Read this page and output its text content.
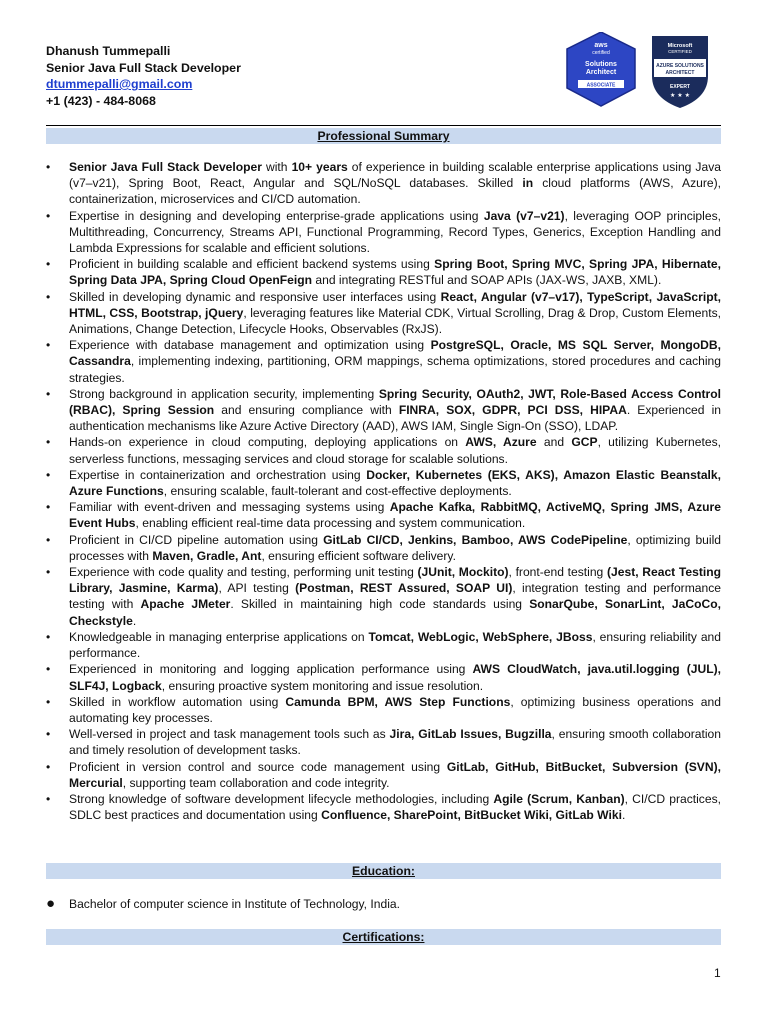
Dhanush Tummepalli
Senior Java Full Stack Developer
dtummepalli@gmail.com
+1 (423) - 484-8068
aws
certified
Solutions
Architect
ASSOCIATE
Microsoft
CERTIFIED
AZURE SOLUTIONS
ARCHITECT
EXPERT
★ ★ ★
Professional Summary
• Senior Java Full Stack Developer with 10+ years of experience in building scalable enterprise applications using Java (v7–v21), Spring Boot, React, Angular and SQL/NoSQL databases. Skilled in cloud platforms (AWS, Azure), containerization, microservices and CI/CD automation.
• Expertise in designing and developing enterprise-grade applications using Java (v7–v21), leveraging OOP principles, Multithreading, Concurrency, Streams API, Functional Programming, Record Types, Generics, Exception Handling and Lambda Expressions for scalable and efficient solutions.
• Proficient in building scalable and efficient backend systems using Spring Boot, Spring MVC, Spring JPA, Hibernate, Spring Data JPA, Spring Cloud OpenFeign and integrating RESTful and SOAP APIs (JAX-WS, JAXB, XML).
• Skilled in developing dynamic and responsive user interfaces using React, Angular (v7–v17), TypeScript, JavaScript, HTML, CSS, Bootstrap, jQuery, leveraging features like Material CDK, Virtual Scrolling, Drag & Drop, Custom Elements, Animations, Change Detection, Lifecycle Hooks, Observables (RxJS).
• Experience with database management and optimization using PostgreSQL, Oracle, MS SQL Server, MongoDB, Cassandra, implementing indexing, partitioning, ORM mappings, schema optimizations, stored procedures and caching strategies.
• Strong background in application security, implementing Spring Security, OAuth2, JWT, Role-Based Access Control (RBAC), Spring Session and ensuring compliance with FINRA, SOX, GDPR, PCI DSS, HIPAA. Experienced in authentication mechanisms like Azure Active Directory (AAD), AWS IAM, Single Sign-On (SSO), LDAP.
• Hands-on experience in cloud computing, deploying applications on AWS, Azure and GCP, utilizing Kubernetes, serverless functions, messaging services and cloud storage for scalable solutions.
• Expertise in containerization and orchestration using Docker, Kubernetes (EKS, AKS), Amazon Elastic Beanstalk, Azure Functions, ensuring scalable, fault-tolerant and cost-effective deployments.
• Familiar with event-driven and messaging systems using Apache Kafka, RabbitMQ, ActiveMQ, Spring JMS, Azure Event Hubs, enabling efficient real-time data processing and system communication.
• Proficient in CI/CD pipeline automation using GitLab CI/CD, Jenkins, Bamboo, AWS CodePipeline, optimizing build processes with Maven, Gradle, Ant, ensuring efficient software delivery.
• Experience with code quality and testing, performing unit testing (JUnit, Mockito), front-end testing (Jest, React Testing Library, Jasmine, Karma), API testing (Postman, REST Assured, SOAP UI), integration testing and performance testing with Apache JMeter. Skilled in maintaining high code standards using SonarQube, SonarLint, JaCoCo, Checkstyle.
• Knowledgeable in managing enterprise applications on Tomcat, WebLogic, WebSphere, JBoss, ensuring reliability and performance.
• Experienced in monitoring and logging application performance using AWS CloudWatch, java.util.logging (JUL), SLF4J, Logback, ensuring proactive system monitoring and issue resolution.
• Skilled in workflow automation using Camunda BPM, AWS Step Functions, optimizing business operations and automating key processes.
• Well-versed in project and task management tools such as Jira, GitLab Issues, Bugzilla, ensuring smooth collaboration and timely resolution of development tasks.
• Proficient in version control and source code management using GitLab, GitHub, BitBucket, Subversion (SVN), Mercurial, supporting team collaboration and code integrity.
• Strong knowledge of software development lifecycle methodologies, including Agile (Scrum, Kanban), CI/CD practices, SDLC best practices and documentation using Confluence, SharePoint, BitBucket Wiki, GitLab Wiki.
Education:
● Bachelor of computer science in Institute of Technology, India.
Certifications:
1
